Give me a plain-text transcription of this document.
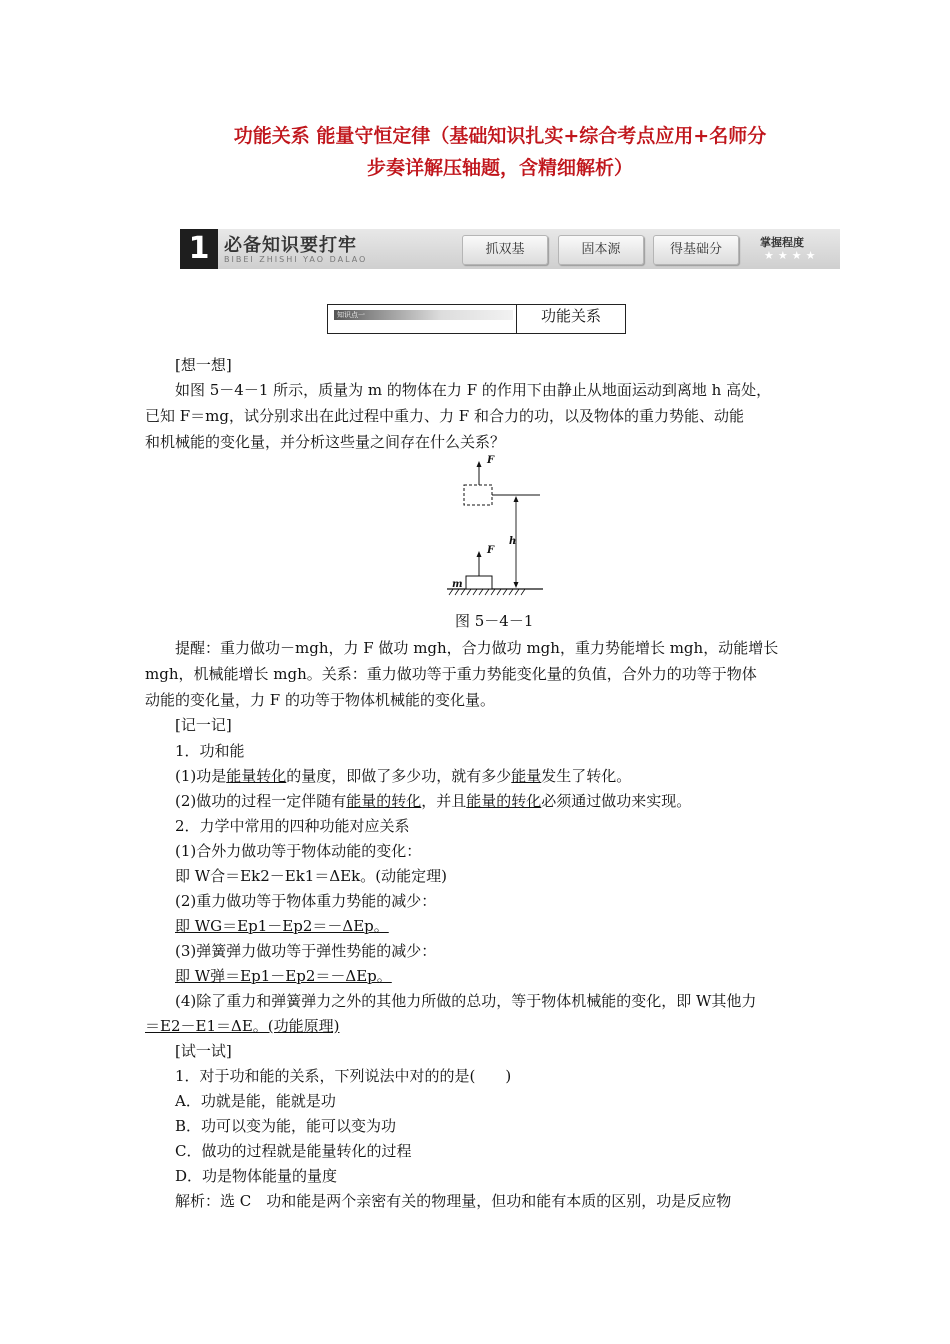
功能关系 能量守恒定律（基础知识扎实+综合考点应用+名师分
步奏详解压轴题，含精细解析）
1 必备知识要打牢
BIBEI ZHISHI YAO DALAO
抓双基	固本源	得基础分	掌握程度
★★★★
知识点一	功能关系
[想一想]
如图 5－4－1 所示，质量为 m 的物体在力 F 的作用下由静止从地面运动到离地 h 高处，
已知 F＝mg，试分别求出在此过程中重力、力 F 和合力的功，以及物体的重力势能、动能
和机械能的变化量，并分析这些量之间存在什么关系？
F
F
h
m
图 5－4－1
提醒：重力做功－mgh，力 F 做功 mgh，合力做功 mgh，重力势能增长 mgh，动能增长
mgh，机械能增长 mgh。关系：重力做功等于重力势能变化量的负值，合外力的功等于物体
动能的变化量，力 F 的功等于物体机械能的变化量。
[记一记]
1．功和能
(1)功是能量转化的量度，即做了多少功，就有多少能量发生了转化。
(2)做功的过程一定伴随有能量的转化，并且能量的转化必须通过做功来实现。
2．力学中常用的四种功能对应关系
(1)合外力做功等于物体动能的变化：
即 W合＝Ek2－Ek1＝ΔEk。(动能定理)
(2)重力做功等于物体重力势能的减少：
即 WG＝Ep1－Ep2＝－ΔEp。
(3)弹簧弹力做功等于弹性势能的减少：
即 W弹＝Ep1－Ep2＝－ΔEp。
(4)除了重力和弹簧弹力之外的其他力所做的总功，等于物体机械能的变化，即 W其他力
＝E2－E1＝ΔE。(功能原理)
[试一试]
1．对于功和能的关系，下列说法中对的的是(　　)
A．功就是能，能就是功
B．功可以变为能，能可以变为功
C．做功的过程就是能量转化的过程
D．功是物体能量的量度
解析：选 C　功和能是两个亲密有关的物理量，但功和能有本质的区别，功是反应物
